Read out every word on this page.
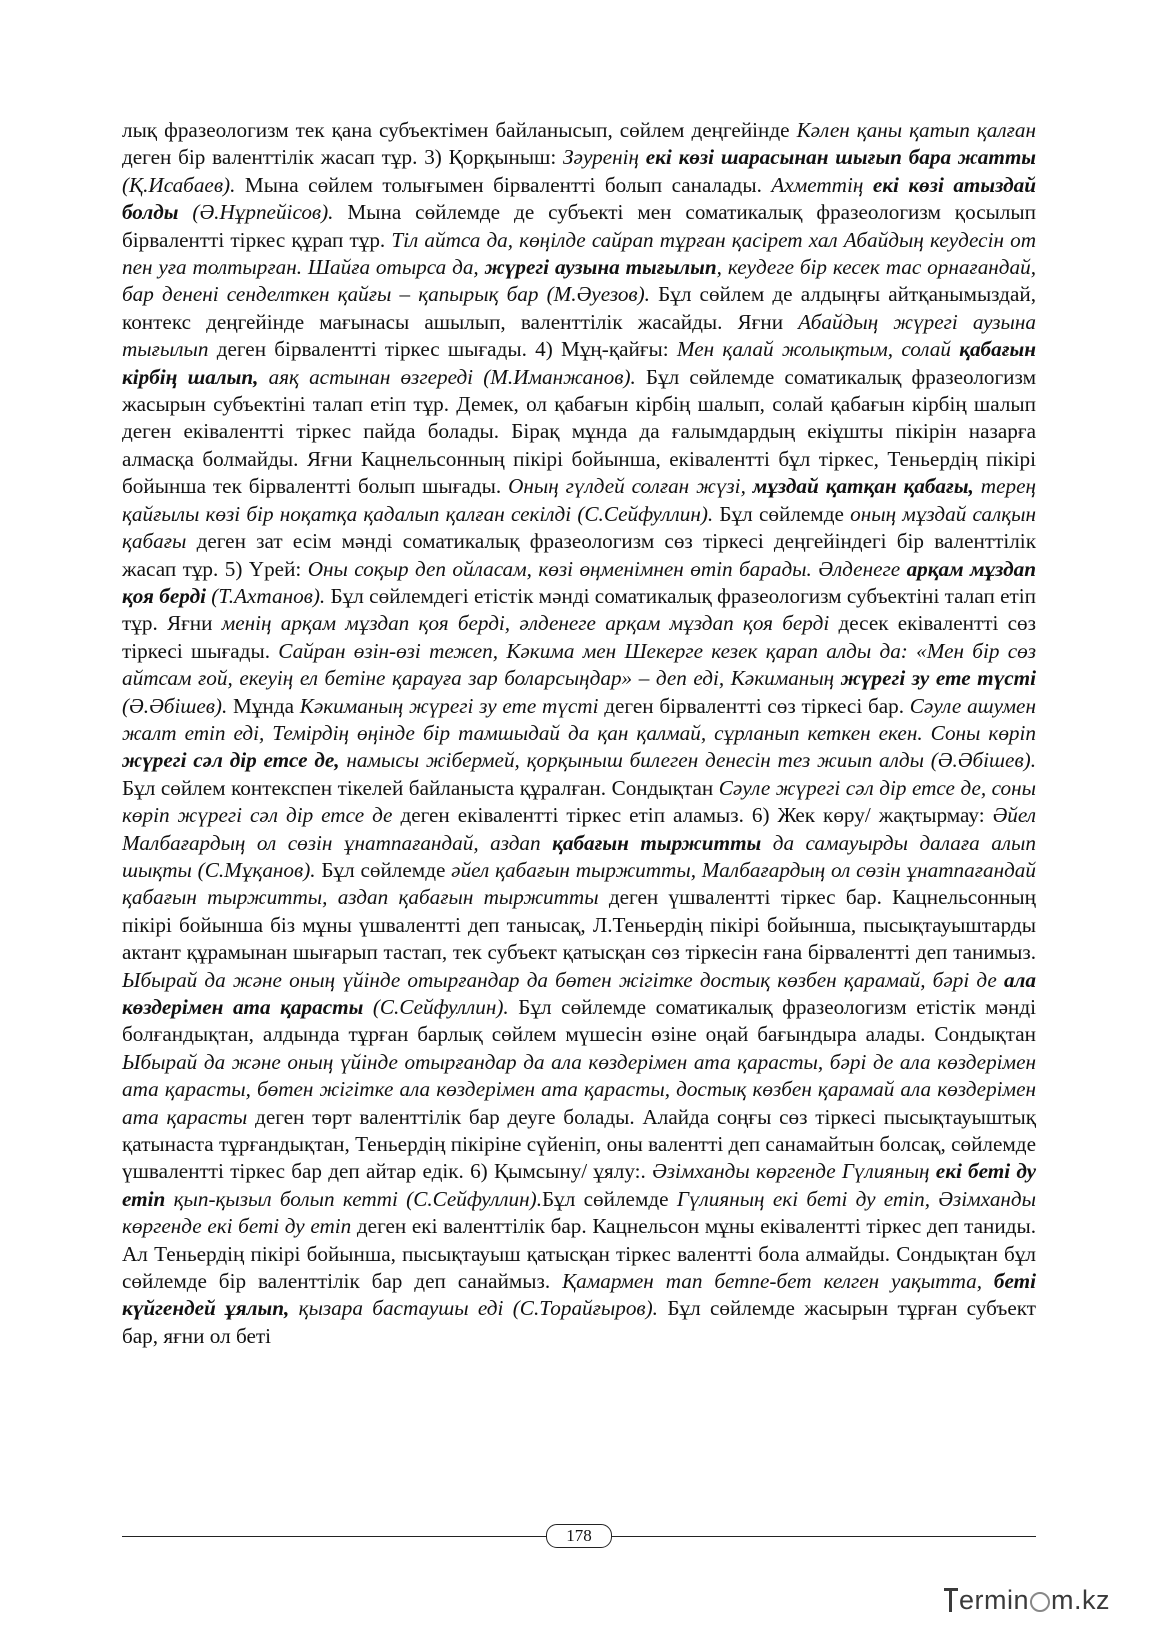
лық фразеологизм тек қана субъектімен байланысып, сөйлем деңгейінде Кәлен қаны қатып қалған деген бір валенттілік жасап тұр. 3) Қорқыныш: Зәуренің екі көзі шарасынан шығып бара жатты (Қ.Исабаев). Мына сөйлем толығымен бірвалентті болып саналады. Ахметтің екі көзі атыздай болды (Ә.Нұрпейісов). Мына сөйлемде де субъекті мен соматикалық фразеологизм қосылып бірвалентті тіркес құрап тұр. Тіл айтса да, көңілде сайрап тұрған қасірет хал Абайдың кеудесін от пен уға толтырған. Шайға отырса да, жүрегі аузына тығылып, кеудеге бір кесек тас орнағандай, бар денені сенделткен қайғы – қапырық бар (М.Әуезов). Бұл сөйлем де алдыңғы айтқанымыздай, контекс деңгейінде мағынасы ашылып, валенттілік жасайды. Яғни Абайдың жүрегі аузына тығылып деген бірвалентті тіркес шығады. 4) Мұң-қайғы: Мен қалай жолықтым, солай қабағын кірбің шалып, аяқ астынан өзгереді (М.Иманжанов). Бұл сөйлемде соматикалық фразеологизм жасырын субъектіні талап етіп тұр. Демек, ол қабағын кірбің шалып, солай қабағын кірбің шалып деген еківалентті тіркес пайда болады. Бірақ мұнда да ғалымдардың екіұшты пікірін назарға алмасқа болмайды. Яғни Кацнельсонның пікірі бойынша, еківалентті бұл тіркес, Теньердің пікірі бойынша тек бірвалентті болып шығады. Оның гүлдей солған жүзі, мұздай қатқан қабағы, терең қайғылы көзі бір ноқатқа қадалып қалған секілді (С.Сейфуллин). Бұл сөйлемде оның мұздай салқын қабағы деген зат есім мәнді соматикалық фразеологизм сөз тіркесі деңгейіндегі бір валенттілік жасап тұр. 5) Үрей: Оны соқыр деп ойласам, көзі өңменімнен өтіп барады. Әлденеге арқам мұздап қоя берді (Т.Ахтанов). Бұл сөйлемдегі етістік мәнді соматикалық фразеологизм субъектіні талап етіп тұр. Яғни менің арқам мұздап қоя берді, әлденеге арқам мұздап қоя берді десек еківалентті сөз тіркесі шығады. Сайран өзін-өзі тежеп, Кәкима мен Шекерге кезек қарап алды да: «Мен бір сөз айтсам ғой, екеуің ел бетіне қарауға зар боларсыңдар» – деп еді, Кәкиманың жүрегі зу ете түсті (Ә.Әбішев). Мұнда Кәкиманың жүрегі зу ете түсті деген бірвалентті сөз тіркесі бар. Сәуле ашумен жалт етіп еді, Темірдің өңінде бір тамшыдай да қан қалмай, сұрланып кеткен екен. Соны көріп жүрегі сәл дір етсе де, намысы жібермей, қорқыныш билеген денесін тез жиып алды (Ә.Әбішев). Бұл сөйлем контекспен тікелей байланыста құралған. Сондықтан Сәуле жүрегі сәл дір етсе де, соны көріп жүрегі сәл дір етсе де деген еківалентті тіркес етіп аламыз. 6) Жек көру/ жақтырмау: Әйел Малбағардың ол сөзін ұнатпағандай, аздап қабағын тыржитты да самауырды далаға алып шықты (С.Мұқанов). Бұл сөйлемде әйел қабағын тыржитты, Малбағардың ол сөзін ұнатпағандай қабағын тыржитты, аздап қабағын тыржитты деген үшвалентті тіркес бар. Кацнельсонның пікірі бойынша біз мұны үшвалентті деп танысақ, Л.Теньердің пікірі бойынша, пысықтауыштарды актант құрамынан шығарып тастап, тек субъект қатысқан сөз тіркесін ғана бірвалентті деп танимыз. Ыбырай да және оның үйінде отырғандар да бөтен жігітке достық көзбен қарамай, бәрі де ала көздерімен ата қарасты (С.Сейфуллин). Бұл сөйлемде соматикалық фразеологизм етістік мәнді болғандықтан, алдында тұрған барлық сөйлем мүшесін өзіне оңай бағындыра алады. Сондықтан Ыбырай да және оның үйінде отырғандар да ала көздерімен ата қарасты, бәрі де ала көздерімен ата қарасты, бөтен жігітке ала көздерімен ата қарасты, достық көзбен қарамай ала көздерімен ата қарасты деген төрт валенттілік бар деуге болады. Алайда соңғы сөз тіркесі пысықтауыштық қатынаста тұрғандықтан, Теньердің пікіріне сүйеніп, оны валентті деп санамайтын болсақ, сөйлемде үшвалентті тіркес бар деп айтар едік. 6) Қымсыну/ ұялу:. Әзімханды көргенде Гүлияның екі беті ду етіп қып-қызыл болып кетті (С.Сейфуллин).Бұл сөйлемде Гүлияның екі беті ду етіп, Әзімханды көргенде екі беті ду етіп деген екі валенттілік бар. Кацнельсон мұны еківалентті тіркес деп таниды. Ал Теньердің пікірі бойынша, пысықтауыш қатысқан тіркес валентті бола алмайды. Сондықтан бұл сөйлемде бір валенттілік бар деп санаймыз. Қамармен тап бетпе-бет келген уақытта, беті күйгендей ұялып, қызара бастаушы еді (С.Торайғыров). Бұл сөйлемде жасырын тұрған субъект бар, яғни ол беті
178
ermin m.kz
